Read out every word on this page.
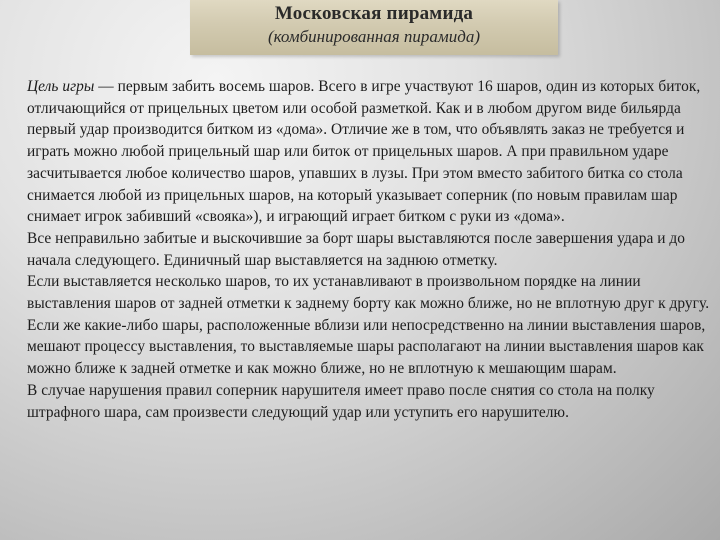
Московская пирамида
(комбинированная пирамида)

Цель игры — первым забить восемь шаров. Всего в игре участвуют 16 шаров, один из которых биток, отличающийся от прицельных цветом или особой разметкой. Как и в любом другом виде бильярда первый удар производится битком из «дома». Отличие же в том, что объявлять заказ не требуется и играть можно любой прицельный шар или биток от прицельных шаров. А при правильном ударе засчитывается любое количество шаров, упавших в лузы. При этом вместо забитого битка со стола снимается любой из прицельных шаров, на который указывает соперник (по новым правилам шар снимает игрок забивший «свояка»), и играющий играет битком с руки из «дома».

Все неправильно забитые и выскочившие за борт шары выставляются после завершения удара и до начала следующего. Единичный шар выставляется на заднюю отметку.

Если выставляется несколько шаров, то их устанавливают в произвольном порядке на линии выставления шаров от задней отметки к заднему борту как можно ближе, но не вплотную друг к другу. Если же какие-либо шары, расположенные вблизи или непосредственно на линии выставления шаров, мешают процессу выставления, то выставляемые шары располагают на линии выставления шаров как можно ближе к задней отметке и как можно ближе, но не вплотную к мешающим шарам.

В случае нарушения правил соперник нарушителя имеет право после снятия со стола на полку штрафного шара, сам произвести следующий удар или уступить его нарушителю.
